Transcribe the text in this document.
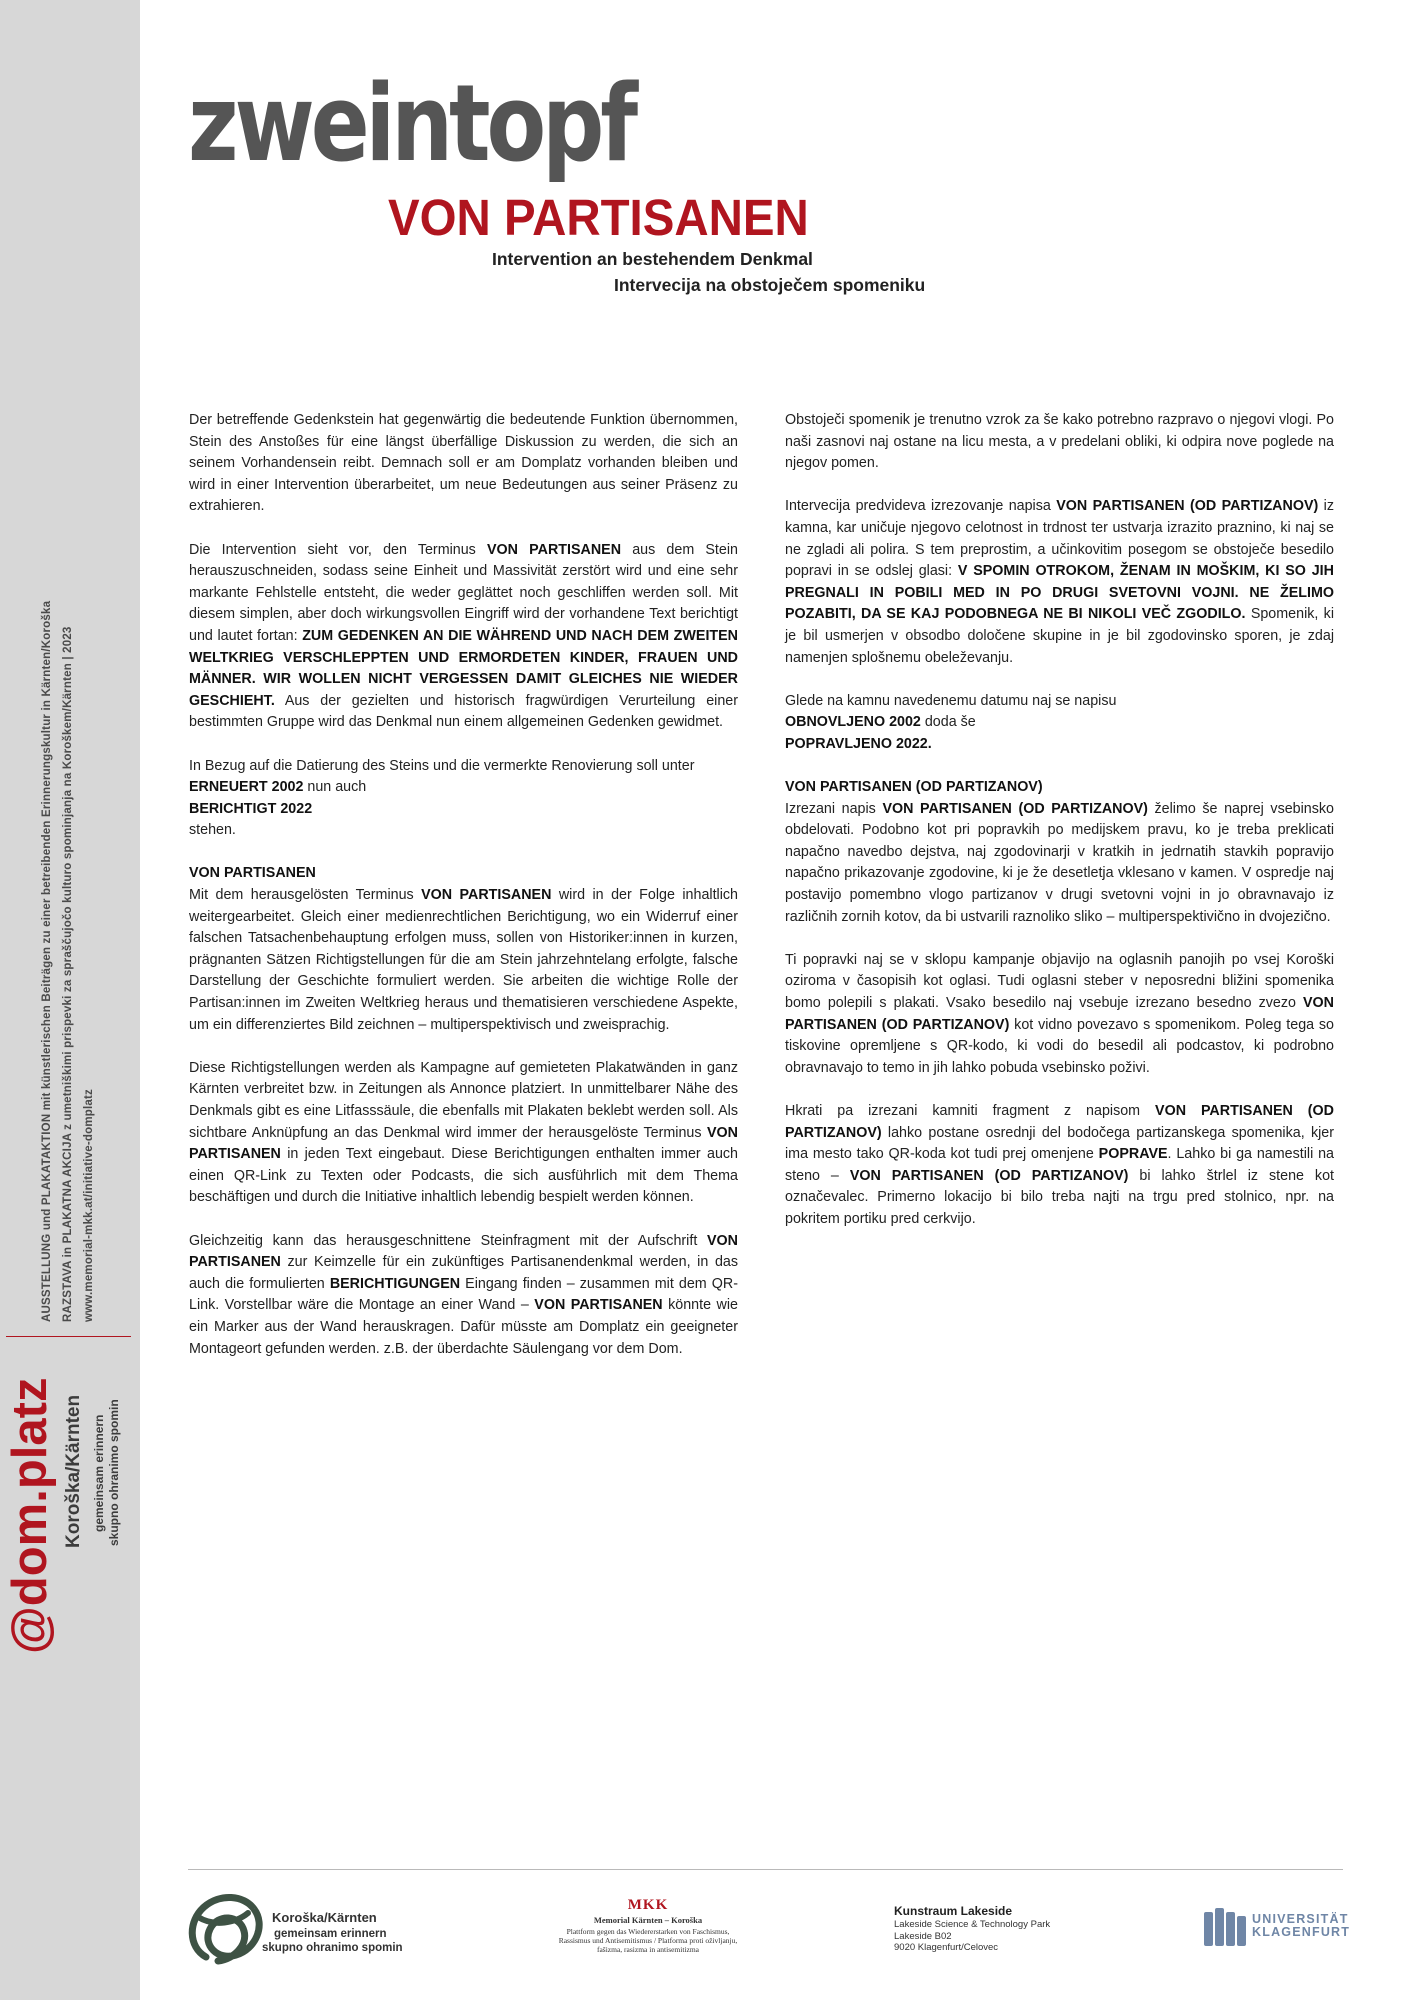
AUSSTELLUNG und PLAKATAKTION mit künstlerischen Beiträgen zu einer betreibenden Erinnerungskultur in Kärnten/Koroška RAZSTAVA in PLAKATNA AKCIJA z umetniškimi prispevki za spraščujočo kulturo spominjanja na Koroškem/Kärnten | 2023 www.memorial-mkk.at/initiative-domplatz
@dom.platz Koroška/Kärnten gemeinsam erinnern skupno ohranimo spomin
zweintopf
VON PARTISANEN
Intervention an bestehendem Denkmal
Intervecija na obstoječem spomeniku

Der betreffende Gedenkstein hat gegenwärtig die bedeutende Funktion übernommen, Stein des Anstoßes für eine längst überfällige Diskussion zu werden, die sich an seinem Vorhandensein reibt. Demnach soll er am Domplatz vorhanden bleiben und wird in einer Intervention überarbeitet, um neue Bedeutungen aus seiner Präsenz zu extrahieren.

Die Intervention sieht vor, den Terminus VON PARTISANEN aus dem Stein herauszuschneiden, sodass seine Einheit und Massivität zerstört wird und eine sehr markante Fehlstelle entsteht, die weder geglättet noch geschliffen werden soll. Mit diesem simplen, aber doch wirkungsvollen Eingriff wird der vorhandene Text berichtigt und lautet fortan: ZUM GEDENKEN AN DIE WÄHREND UND NACH DEM ZWEITEN WELTKRIEG VERSCHLEPPTEN UND ERMORDETEN KINDER, FRAUEN UND MÄNNER. WIR WOLLEN NICHT VERGESSEN DAMIT GLEICHES NIE WIEDER GESCHIEHT. Aus der gezielten und historisch fragwürdigen Verurteilung einer bestimmten Gruppe wird das Denkmal nun einem allgemeinen Gedenken gewidmet.

In Bezug auf die Datierung des Steins und die vermerkte Renovierung soll unter
ERNEUERT 2002 nun auch
BERICHTIGT 2022
stehen.

VON PARTISANEN
Mit dem herausgelösten Terminus VON PARTISANEN wird in der Folge inhaltlich weitergearbeitet. Gleich einer medienrechtlichen Berichtigung, wo ein Widerruf einer falschen Tatsachenbehauptung erfolgen muss, sollen von Historiker:innen in kurzen, prägnanten Sätzen Richtigstellungen für die am Stein jahrzehntelang erfolgte, falsche Darstellung der Geschichte formuliert werden. Sie arbeiten die wichtige Rolle der Partisan:innen im Zweiten Weltkrieg heraus und thematisieren verschiedene Aspekte, um ein differenziertes Bild zeichnen – multiperspektivisch und zweisprachig.

Diese Richtigstellungen werden als Kampagne auf gemieteten Plakatwänden in ganz Kärnten verbreitet bzw. in Zeitungen als Annonce platziert. In unmittelbarer Nähe des Denkmals gibt es eine Litfasssäule, die ebenfalls mit Plakaten beklebt werden soll. Als sichtbare Anknüpfung an das Denkmal wird immer der herausgelöste Terminus VON PARTISANEN in jeden Text eingebaut. Diese Berichtigungen enthalten immer auch einen QR-Link zu Texten oder Podcasts, die sich ausführlich mit dem Thema beschäftigen und durch die Initiative inhaltlich lebendig bespielt werden können.

Gleichzeitig kann das herausgeschnittene Steinfragment mit der Aufschrift VON PARTISANEN zur Keimzelle für ein zukünftiges Partisanendenkmal werden, in das auch die formulierten BERICHTIGUNGEN Eingang finden – zusammen mit dem QR-Link. Vorstellbar wäre die Montage an einer Wand – VON PARTISANEN könnte wie ein Marker aus der Wand herauskragen. Dafür müsste am Domplatz ein geeigneter Montageort gefunden werden. z.B. der überdachte Säulengang vor dem Dom.

Obstoječi spomenik je trenutno vzrok za še kako potrebno razpravo o njegovi vlogi. Po naši zasnovi naj ostane na licu mesta, a v predelani obliki, ki odpira nove poglede na njegov pomen.

Intervecija predvideva izrezovanje napisa VON PARTISANEN (OD PARTIZANOV) iz kamna, kar uničuje njegovo celotnost in trdnost ter ustvarja izrazito praznino, ki naj se ne zgladi ali polira. S tem preprostim, a učinkovitim posegom se obstoječe besedilo popravi in se odslej glasi: V SPOMIN OTROKOM, ŽENAM IN MOŠKIM, KI SO JIH PREGNALI IN POBILI MED IN PO DRUGI SVETOVNI VOJNI. NE ŽELIMO POZABITI, DA SE KAJ PODOBNEGA NE BI NIKOLI VEČ ZGODILO. Spomenik, ki je bil usmerjen v obsodbo določene skupine in je bil zgodovinsko sporen, je zdaj namenjen splošnemu obeleževanju.

Glede na kamnu navedenemu datumu naj se napisu
OBNOVLJENO 2002 doda še
POPRAVLJENO 2022.

VON PARTISANEN (OD PARTIZANOV)
Izrezani napis VON PARTISANEN (OD PARTIZANOV) želimo še naprej vsebinsko obdelovati. Podobno kot pri popravkih po medijskem pravu, ko je treba preklicati napačno navedbo dejstva, naj zgodovinarji v kratkih in jedrnatih stavkih popravijo napačno prikazovanje zgodovine, ki je že desetletja vklesano v kamen. V ospredje naj postavijo pomembno vlogo partizanov v drugi svetovni vojni in jo obravnavajo iz različnih zornih kotov, da bi ustvarili raznoliko sliko – multiperspektivično in dvojezično.

Ti popravki naj se v sklopu kampanje objavijo na oglasnih panojih po vsej Koroški oziroma v časopisih kot oglasi. Tudi oglasni steber v neposredni bližini spomenika bomo polepili s plakati. Vsako besedilo naj vsebuje izrezano besedno zvezo VON PARTISANEN (OD PARTIZANOV) kot vidno povezavo s spomenikom. Poleg tega so tiskovine opremljene s QR-kodo, ki vodi do besedil ali podcastov, ki podrobno obravnavajo to temo in jih lahko pobuda vsebinsko poživi.

Hkrati pa izrezani kamniti fragment z napisom VON PARTISANEN (OD PARTIZANOV) lahko postane osrednji del bodočega partizanskega spomenika, kjer ima mesto tako QR-koda kot tudi prej omenjene POPRAVE. Lahko bi ga namestili na steno – VON PARTISANEN (OD PARTIZANOV) bi lahko štrlel iz stene kot označevalec. Primerno lokacijo bi bilo treba najti na trgu pred stolnico, npr. na pokritem portiku pred cerkvijo.

Koroška/Kärnten
gemeinsam erinnern
skupno ohranimo spomin
MKK
Memorial Kärnten – Koroška
Plattform gegen das Wiedererstarken von Faschismus,
Rassismus und Antisemitismus / Platforma proti oživljanju,
fašizma, rasizma in antisemitizma
Kunstraum Lakeside
Lakeside Science & Technology Park
Lakeside B02
9020 Klagenfurt/Celovec
UNIVERSITÄT
KLAGENFURT
